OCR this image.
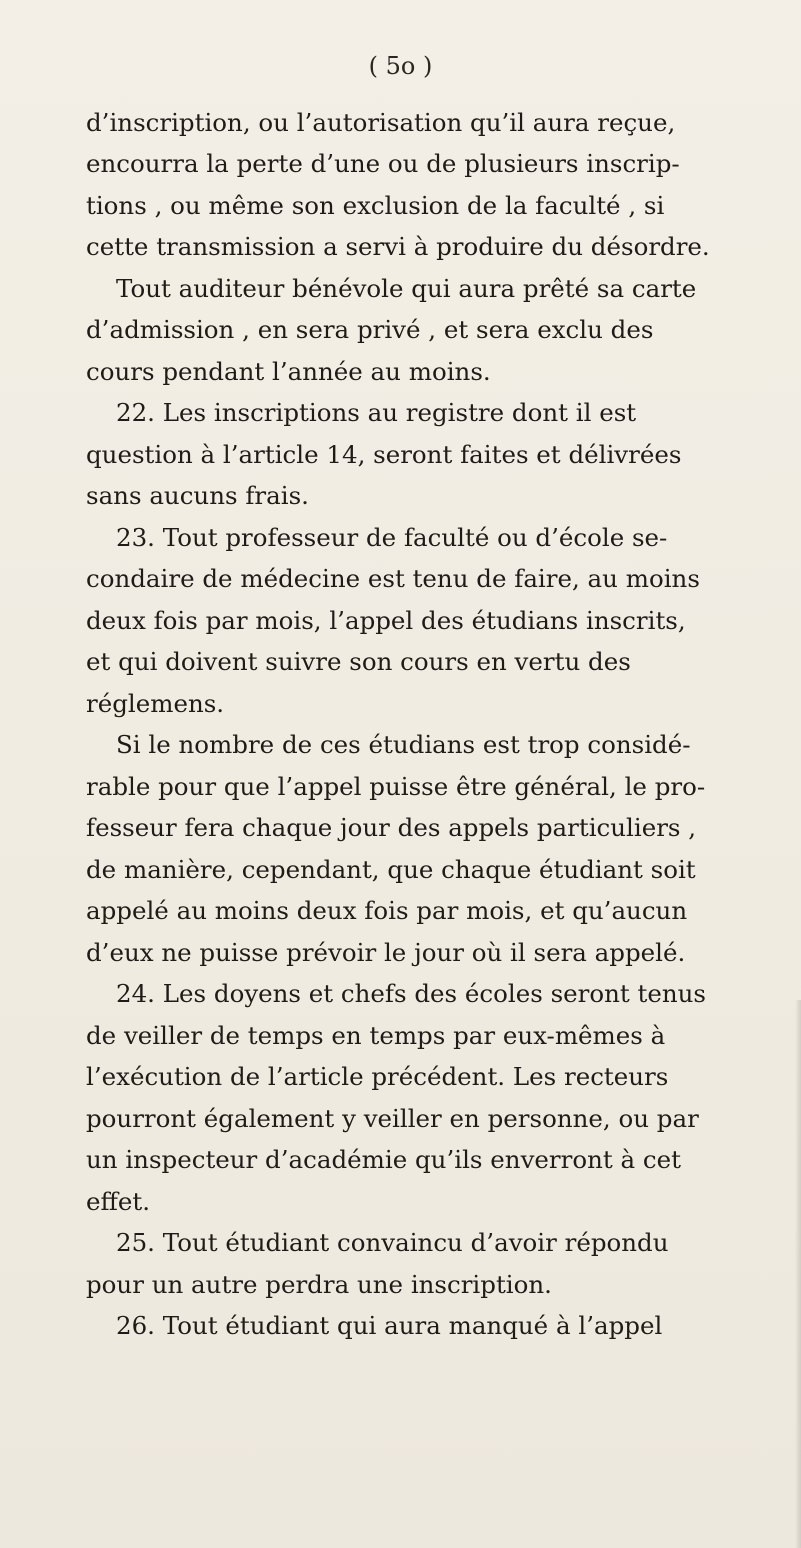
( 5o )
d’inscription, ou l’autorisation qu’il aura reçue,
encourra la perte d’une ou de plusieurs inscrip-
tions , ou même son exclusion de la faculté , si
cette transmission a servi à produire du désordre.
Tout auditeur bénévole qui aura prêté sa carte
d’admission , en sera privé , et sera exclu des
cours pendant l’année au moins.
22. Les inscriptions au registre dont il est
question à l’article 14, seront faites et délivrées
sans aucuns frais.
23. Tout professeur de faculté ou d’école se-
condaire de médecine est tenu de faire, au moins
deux fois par mois, l’appel des étudians inscrits,
et qui doivent suivre son cours en vertu des
réglemens.
Si le nombre de ces étudians est trop considé-
rable pour que l’appel puisse être général, le pro-
fesseur fera chaque jour des appels particuliers ,
de manière, cependant, que chaque étudiant soit
appelé au moins deux fois par mois, et qu’aucun
d’eux ne puisse prévoir le jour où il sera appelé.
24. Les doyens et chefs des écoles seront tenus
de veiller de temps en temps par eux-mêmes à
l’exécution de l’article précédent. Les recteurs
pourront également y veiller en personne, ou par
un inspecteur d’académie qu’ils enverront à cet
effet.
25. Tout étudiant convaincu d’avoir répondu
pour un autre perdra une inscription.
26. Tout étudiant qui aura manqué à l’appel
